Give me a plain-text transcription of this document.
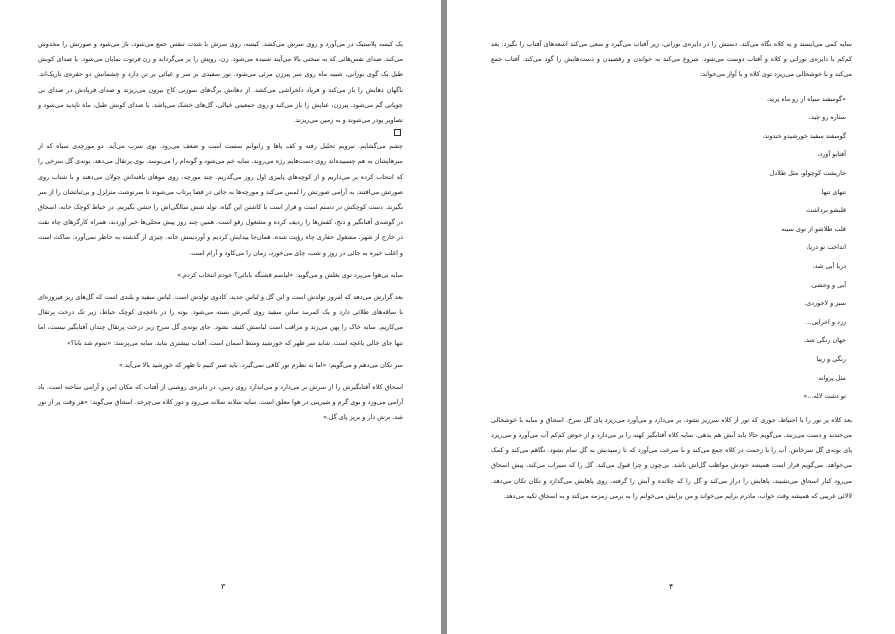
یک کیسه پلاستیک در می‌آورد و روی سرش می‌کشد. کیسه، روی سرش با شدت تنفس جمع می‌شود، باز می‌شود و صورتش را مخدوش می‌کند. صدای نفس‌هائی که به سختی بالا می‌آیند شنیده می‌شود. زن، رویش را بر می‌گرداند و زن فرتوت نمایان می‌شود. با صدای کوبش طبل یک گوی نورانی، شبیه ماه روی سر پیرزن مرئی می‌شود. نور سفیدی بر سر و عبائی بر تن دارد و چشمانش دو حفره‌ی تاریک‌اند. ناگهان دهانش را باز می‌کند و فریاد دلخراشی می‌کشد. از دهانش برگ‌های سوزنی کاج بیرون می‌ریزند و صدای فریادش در صدای نی چوپانی گم می‌شود. پیرزن، عبایش را باز می‌کند و روی جمعیتی خیالی، گل‌های خشک می‌پاشد. با صدای کوبش طبل، ماه ناپدید می‌شود و تصاویر پودر می‌شوند و به زمین می‌ریزند.

چشم می‌گشایم. تیرویم تحلیل رفته و کف پاها و زانوانم سست است و ضعف می‌رود. بوی سرب می‌آید. دو مورچه‌ی سیاه که از سرهایشان به هم چسبیده‌اند روی دست‌هایم رژه می‌روند. سایه خم می‌شود و گونه‌ام را می‌بوسد. بوی پرتقال می‌دهد. بوته‌ی گل سرخی را که انتخاب کرده بر می‌داریم و از کوچه‌های پاییزی اول روز می‌گذریم. چند مورچه، روی موهای بافته‌اش جولان می‌دهند و با شتاب روی صورتش می‌افتند. به آرامی صورتش را لمس می‌کند و مورچه‌ها به جائی در فضا پرتاب می‌شوند تا سرنوشت متزلزل و بی‌ثباتشان را از سر بگیرند. دست کوچکش در دستم است و قرار است با کاشتن این گیاه، تولد شش سالگی‌اش را جشن بگیریم. در حیاط کوچک خانه، اسحاق در گوشه‌ی آفتابگیر و دنج، کفش‌ها را ردیف کرده و مشغول رفو است. همین چند روز پیش محلی‌ها خبر آوردند، همراه کارگرهای چاه نفت در خارج از شهر، مشغول حفاری چاه رؤیت شده. همان‌جا پیدایش کردیم و آوردیمش خانه. چیزی از گذشته به خاطر نمی‌آورد. ساکت است و اغلب خیره به جائی در روز و شب، چای می‌خورد، زمان را می‌کاود و آرام است.

سایه بی‌هوا می‌پرد توی بغلش و می‌گوید: «لباسم قشنگه بابائی؟ خودم انتخاب کردم.»

بعد گزارش می‌دهد که امروز تولدش است و این گل و لباس جدید، کادوی تولدش است. لباس سفید و بلندی است که گل‌های ریز فیروزه‌ای با ساقه‌های طلائی دارد و یک کمربند ساتن سفید روی کمرش بسته می‌شود. بوته را در باغچه‌ی کوچک حیاط، زیر تک درخت پرتقال می‌کاریم. سایه خاک را پهن می‌زند و مراقب است لباسش کثیف نشود. جای بوته‌ی گل سرخ زیر درخت پرتقال چندان آفتابگیر نیست، اما تنها جای خالی باغچه است. شاید سر ظهر که خورشید وسط آسمان است، آفتاب بیشتری بتابد. سایه می‌پرسد: «تموم شد بابا؟»

سر تکان می‌دهم و می‌گویم: «اما به نظرم نور کافی نمی‌گیرد. باید صبر کنیم تا ظهر که خورشید بالا می‌آید.»

اسحاق کلاه آفتابگیرش را از سرش بر می‌دارد و می‌اندازد روی زمین، در دایره‌ی روشنی از آفتاب که مکان امن و آرامی ساخته است. باد آرامی می‌وزد و بوی گرم و شیرینی در هوا معلق است. سایه سلانه سلانه می‌رود و دور کلاه می‌چرخد. اسحاق می‌گوید: «هر وقت پر از نور شد، برش دار و بریز پای گل.»

۳

سایه کمی می‌ایستد و به کلاه نگاه می‌کند. دستش را در دایره‌ی نورانی، زیر آفتاب می‌گیرد و سعی می‌کند اشعه‌های آفتاب را بگیرد. بعد کم‌کم با دایره‌ی نورانی و کلاه و آفتاب دوست می‌شود. شروع می‌کند به خواندن و رقصیدن و دست‌هایش را گود می‌کند. آفتاب جمع می‌کند و با خوشحالی می‌ریزد توی کلاه و با آواز می‌خواند:

«گوسفند سیاه از رو ماه پرید،

ستاره رو چید،

گوسفند سفید خورشیدو خندوند،

آفتابو آورد،

خاریشت کوچولو، مثل طلادل

تنهای تنها

قلبشو برداشت

قلب طلاشو از توی سینه

انداخت تو دریا،

دریا آبی شد،

آبی و وحشی،

سبز و لاجوردی،

زرد و اخرایی...

جهان رنگی شد،

رنگی و زیبا

مثل پروانه

تو دشت لاله...»

بعد کلاه پر نور را با احتیاط، جوری که نور از کلاه سرریز نشود، بر می‌دارد و می‌آورد می‌ریزد پای گل سرخ. اسحاق و سایه با خوشحالی می‌خندند و دست می‌زنند. می‌گویم حالا باید آبش هم بدهی. سایه کلاه آفتابگیر کهنه را بر می‌دارد و از حوض کم‌کم آب می‌آورد و می‌ریزد پای بوته‌ی گل سرخاش. آب را با زحمت در کلاه جمع می‌کند و با سرعت می‌آورد که تا رسیدنش به گل تمام نشود. نگاهم می‌کند و کمک می‌خواهد. می‌گویم قرار است همیشه خودش مواظب گل‌اش باشد. بی‌چون و چرا قبول می‌کند. گل را که سیراب می‌کند، پیش اسحاق می‌رود کنار اسحاق می‌نشیند، پاهایش را دراز می‌کند و گل را که چلانده و آبش را گرفته، روی پاهایش می‌گذارد و تکان تکان می‌دهد. لالائی غریبی که همیشه وقت خواب، مادرم برایم می‌خواند و من برایش می‌خوانم را به نرمی زمزمه می‌کند و به اسحاق تکیه می‌دهد.

۴
